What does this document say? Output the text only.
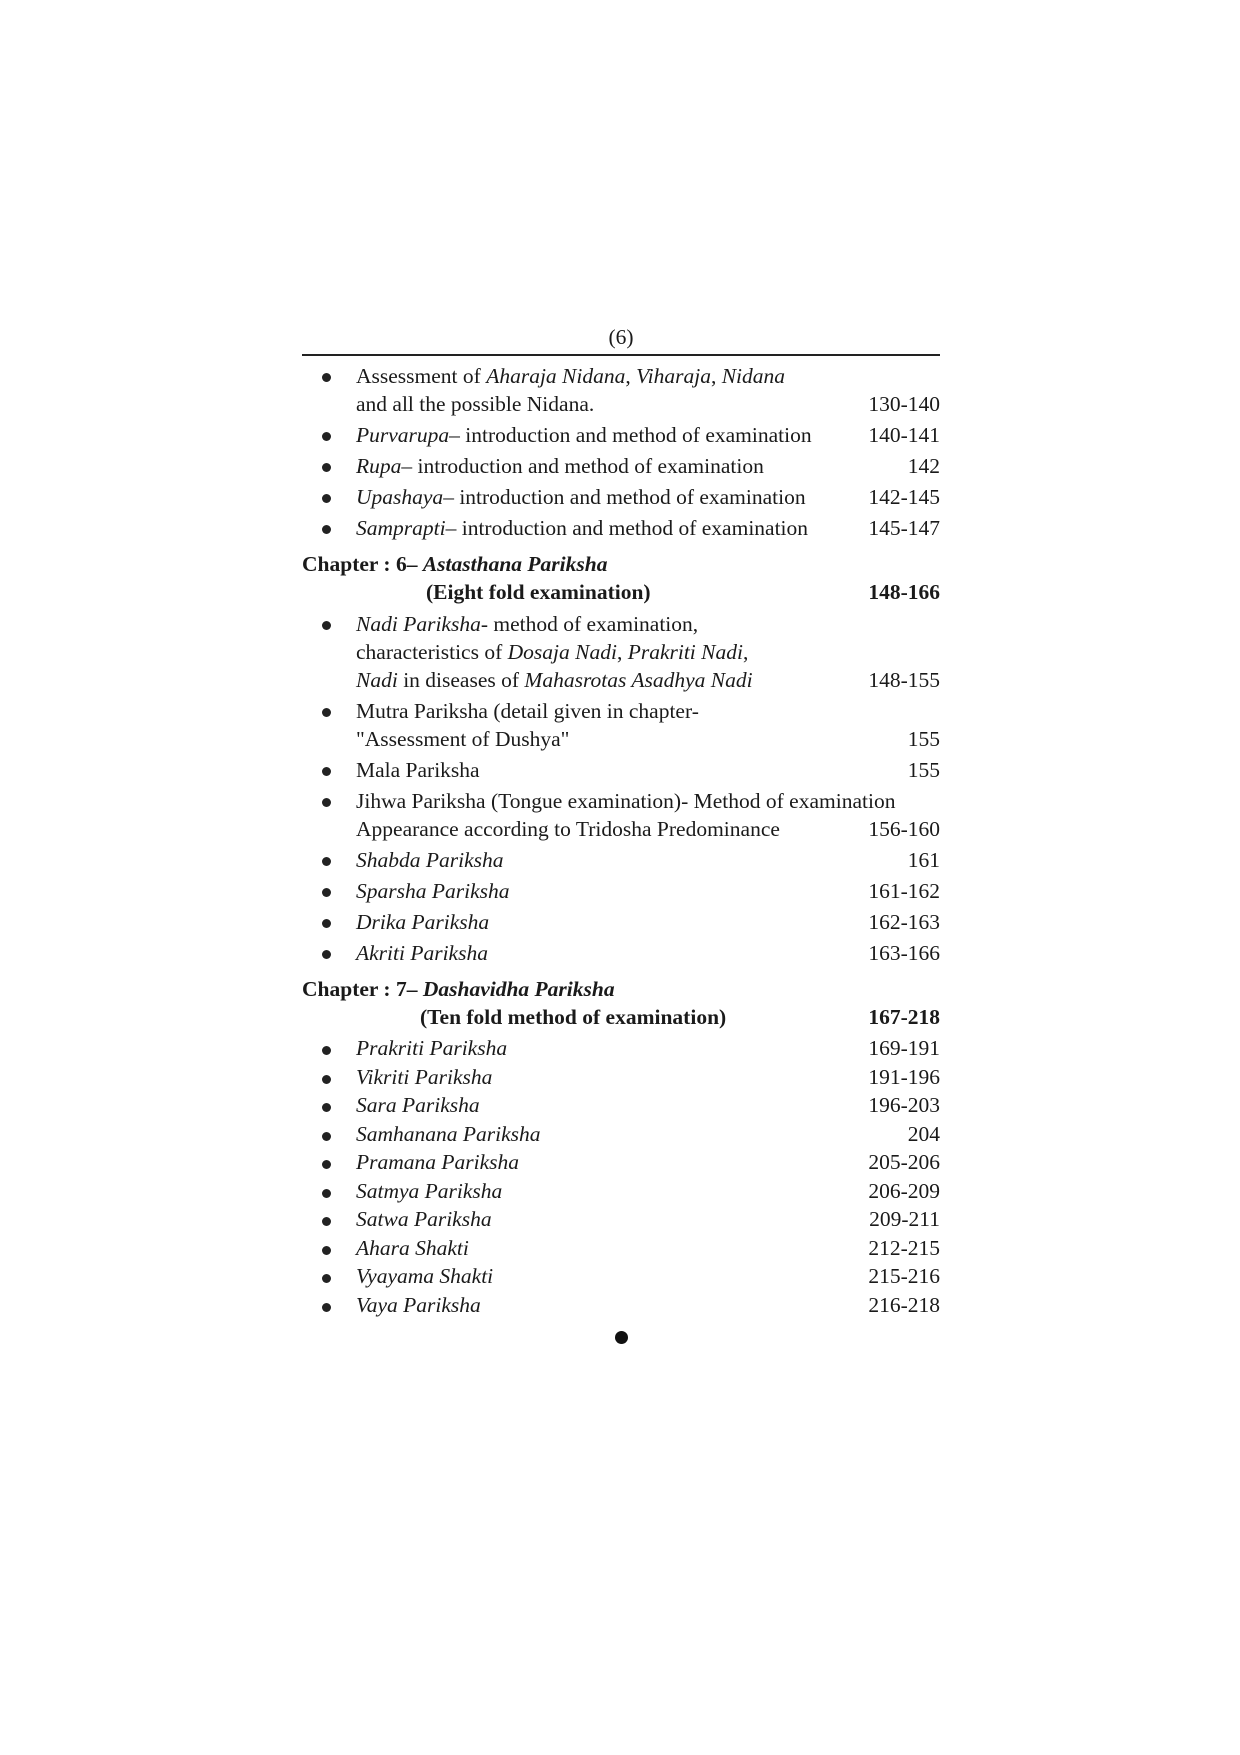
(6)
Assessment of Aharaja Nidana, Viharaja, Nidana
and all the possible Nidana.	130-140
Purvarupa– introduction and method of examination	140-141
Rupa– introduction and method of examination	142
Upashaya– introduction and method of examination	142-145
Samprapti– introduction and method of examination	145-147
Chapter : 6– Astasthana Pariksha
(Eight fold examination)	148-166
Nadi Pariksha- method of examination,
characteristics of Dosaja Nadi, Prakriti Nadi,
Nadi in diseases of Mahasrotas Asadhya Nadi	148-155
Mutra Pariksha (detail given in chapter-
"Assessment of Dushya"	155
Mala Pariksha	155
Jihwa Pariksha (Tongue examination)- Method of examination
Appearance according to Tridosha Predominance	156-160
Shabda Pariksha	161
Sparsha Pariksha	161-162
Drika Pariksha	162-163
Akriti Pariksha	163-166
Chapter : 7– Dashavidha Pariksha
(Ten fold method of examination)	167-218
Prakriti Pariksha	169-191
Vikriti Pariksha	191-196
Sara Pariksha	196-203
Samhanana Pariksha	204
Pramana Pariksha	205-206
Satmya Pariksha	206-209
Satwa Pariksha	209-211
Ahara Shakti	212-215
Vyayama Shakti	215-216
Vaya Pariksha	216-218
